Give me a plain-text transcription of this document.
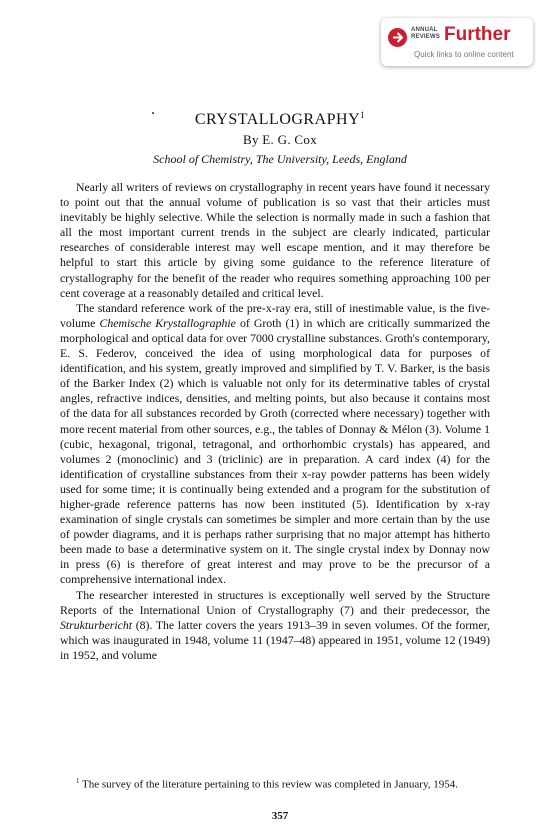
ANNUAL
REVIEWS Further
Quick links to online content
CRYSTALLOGRAPHY$^1$
By E. G. Cox
School of Chemistry, The University, Leeds, England

Nearly all writers of reviews on crystallography in recent years have found it necessary to point out that the annual volume of publication is so vast that their articles must inevitably be highly selective. While the selection is normally made in such a fashion that all the most important current trends in the subject are clearly indicated, particular researches of considerable interest may well escape mention, and it may therefore be helpful to start this article by giving some guidance to the reference literature of crystallography for the benefit of the reader who requires something approaching 100 per cent coverage at a reasonably detailed and critical level.

The standard reference work of the pre-x-ray era, still of inestimable value, is the five-volume Chemische Krystallographie of Groth (1) in which are critically summarized the morphological and optical data for over 7000 crystalline substances. Groth's contemporary, E. S. Federov, conceived the idea of using morphological data for purposes of identification, and his system, greatly improved and simplified by T. V. Barker, is the basis of the Barker Index (2) which is valuable not only for its determinative tables of crystal angles, refractive indices, densities, and melting points, but also because it contains most of the data for all substances recorded by Groth (corrected where necessary) together with more recent material from other sources, e.g., the tables of Donnay & Mélon (3). Volume 1 (cubic, hexagonal, trigonal, tetragonal, and orthorhombic crystals) has appeared, and volumes 2 (monoclinic) and 3 (triclinic) are in preparation. A card index (4) for the identification of crystalline substances from their x-ray powder patterns has been widely used for some time; it is continually being extended and a program for the substitution of higher-grade reference patterns has now been instituted (5). Identification by x-ray examination of single crystals can sometimes be simpler and more certain than by the use of powder diagrams, and it is perhaps rather surprising that no major attempt has hitherto been made to base a determinative system on it. The single crystal index by Donnay now in press (6) is therefore of great interest and may prove to be the precursor of a comprehensive international index.

The researcher interested in structures is exceptionally well served by the Structure Reports of the International Union of Crystallography (7) and their predecessor, the Strukturbericht (8). The latter covers the years 1913–39 in seven volumes. Of the former, which was inaugurated in 1948, volume 11 (1947–48) appeared in 1951, volume 12 (1949) in 1952, and volume

$^1$ The survey of the literature pertaining to this review was completed in January, 1954.
357
